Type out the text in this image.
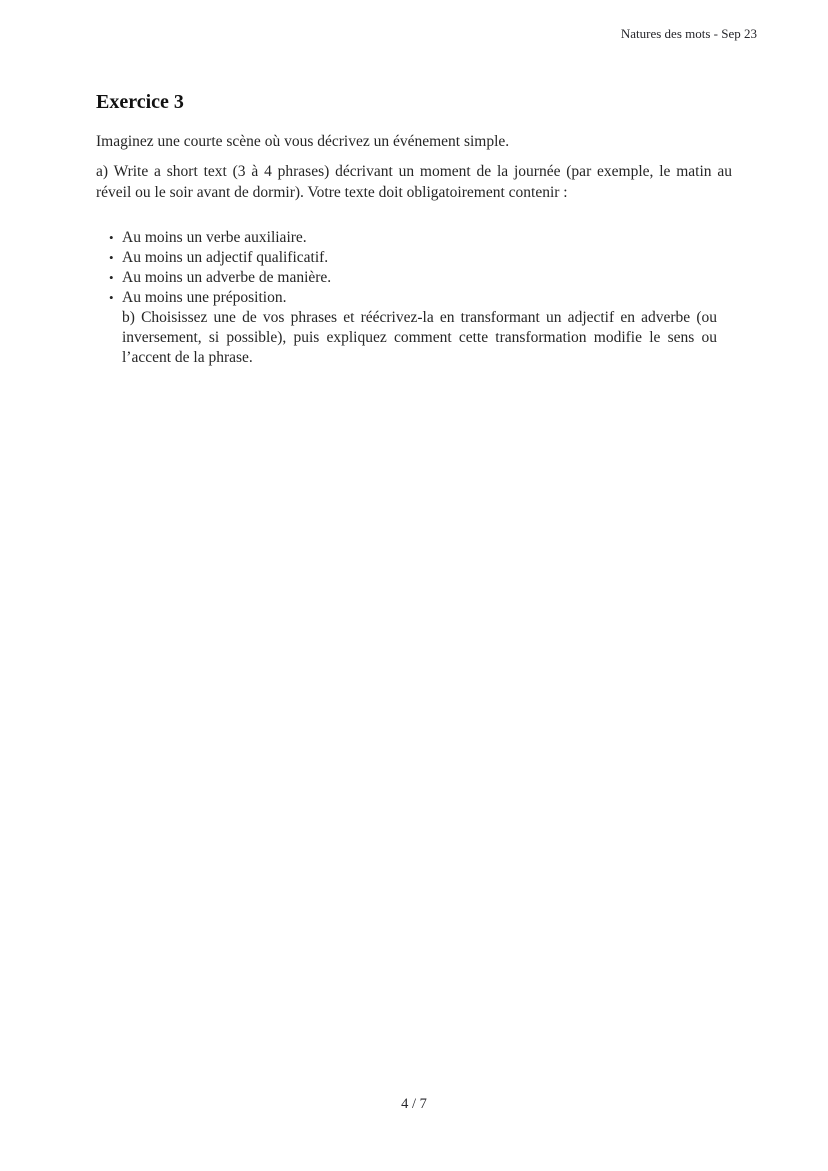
Natures des mots - Sep 23
Exercice 3

Imaginez une courte scène où vous décrivez un événement simple.

a) Write a short text (3 à 4 phrases) décrivant un moment de la journée (par exemple, le matin au réveil ou le soir avant de dormir). Votre texte doit obligatoirement contenir :

• Au moins un verbe auxiliaire.
• Au moins un adjectif qualificatif.
• Au moins un adverbe de manière.
• Au moins une préposition.

b) Choisissez une de vos phrases et réécrivez-la en transformant un adjectif en adverbe (ou inversement, si possible), puis expliquez comment cette transformation modifie le sens ou l’accent de la phrase.

4 / 7
